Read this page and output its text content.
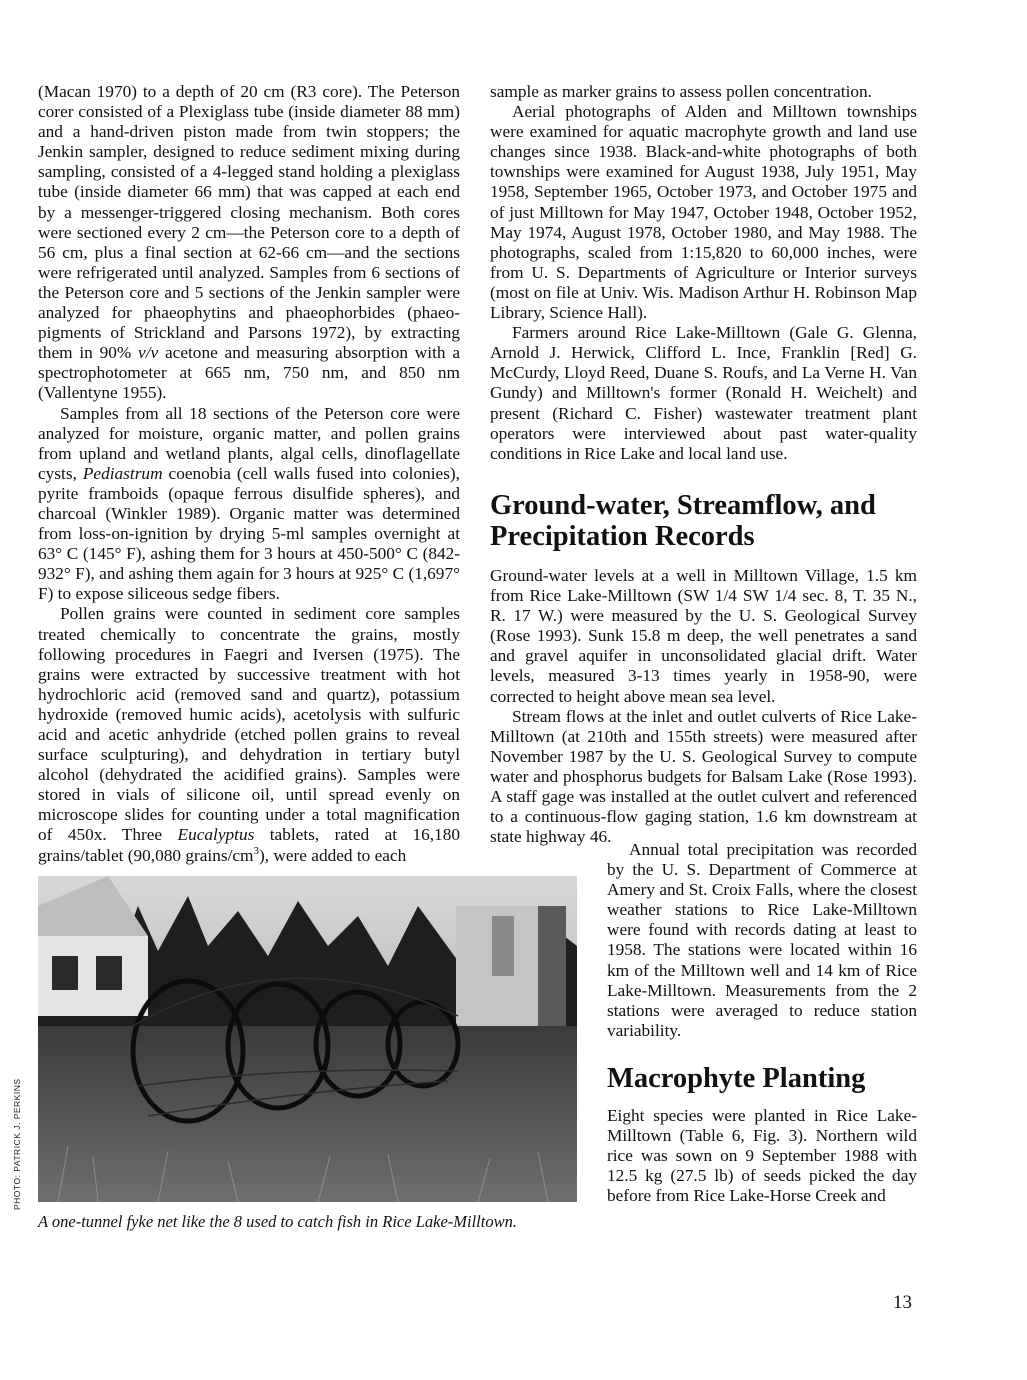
(Macan 1970) to a depth of 20 cm (R3 core). The Peterson corer consisted of a Plexiglass tube (inside diameter 88 mm) and a hand-driven piston made from twin stoppers; the Jenkin sampler, designed to reduce sediment mixing during sampling, consisted of a 4-legged stand holding a plexiglass tube (inside diameter 66 mm) that was capped at each end by a messenger-triggered closing mechanism. Both cores were sectioned every 2 cm—the Peterson core to a depth of 56 cm, plus a final section at 62-66 cm—and the sections were refrigerated until analyzed. Samples from 6 sections of the Peterson core and 5 sections of the Jenkin sampler were analyzed for phaeophytins and phaeophorbides (phaeo-pigments of Strickland and Parsons 1972), by extracting them in 90% v/v acetone and measuring absorption with a spectrophotometer at 665 nm, 750 nm, and 850 nm (Vallentyne 1955).

Samples from all 18 sections of the Peterson core were analyzed for moisture, organic matter, and pollen grains from upland and wetland plants, algal cells, dinoflagellate cysts, Pediastrum coenobia (cell walls fused into colonies), pyrite framboids (opaque ferrous disulfide spheres), and charcoal (Winkler 1989). Organic matter was determined from loss-on-ignition by drying 5-ml samples overnight at 63° C (145° F), ashing them for 3 hours at 450-500° C (842-932° F), and ashing them again for 3 hours at 925° C (1,697° F) to expose siliceous sedge fibers.

Pollen grains were counted in sediment core samples treated chemically to concentrate the grains, mostly following procedures in Faegri and Iversen (1975). The grains were extracted by successive treatment with hot hydrochloric acid (removed sand and quartz), potassium hydroxide (removed humic acids), acetolysis with sulfuric acid and acetic anhydride (etched pollen grains to reveal surface sculpturing), and dehydration in tertiary butyl alcohol (dehydrated the acidified grains). Samples were stored in vials of silicone oil, until spread evenly on microscope slides for counting under a total magnification of 450x. Three Eucalyptus tablets, rated at 16,180 grains/tablet (90,080 grains/$cm^3$), were added to each

sample as marker grains to assess pollen concentration.

Aerial photographs of Alden and Milltown townships were examined for aquatic macrophyte growth and land use changes since 1938. Black-and-white photographs of both townships were examined for August 1938, July 1951, May 1958, September 1965, October 1973, and October 1975 and of just Milltown for May 1947, October 1948, October 1952, May 1974, August 1978, October 1980, and May 1988. The photographs, scaled from 1:15,820 to 60,000 inches, were from U. S. Departments of Agriculture or Interior surveys (most on file at Univ. Wis. Madison Arthur H. Robinson Map Library, Science Hall).

Farmers around Rice Lake-Milltown (Gale G. Glenna, Arnold J. Herwick, Clifford L. Ince, Franklin [Red] G. McCurdy, Lloyd Reed, Duane S. Roufs, and La Verne H. Van Gundy) and Milltown's former (Ronald H. Weichelt) and present (Richard C. Fisher) wastewater treatment plant operators were interviewed about past water-quality conditions in Rice Lake and local land use.

Ground-water, Streamflow, and Precipitation Records

Ground-water levels at a well in Milltown Village, 1.5 km from Rice Lake-Milltown (SW 1/4 SW 1/4 sec. 8, T. 35 N., R. 17 W.) were measured by the U. S. Geological Survey (Rose 1993). Sunk 15.8 m deep, the well penetrates a sand and gravel aquifer in unconsolidated glacial drift. Water levels, measured 3-13 times yearly in 1958-90, were corrected to height above mean sea level.

Stream flows at the inlet and outlet culverts of Rice Lake-Milltown (at 210th and 155th streets) were measured after November 1987 by the U. S. Geological Survey to compute water and phosphorus budgets for Balsam Lake (Rose 1993). A staff gage was installed at the outlet culvert and referenced to a continuous-flow gaging station, 1.6 km downstream at state highway 46.

Annual total precipitation was recorded by the U. S. Department of Commerce at Amery and St. Croix Falls, where the closest weather stations to Rice Lake-Milltown were found with records dating at least to 1958. The stations were located within 16 km of the Milltown well and 14 km of Rice Lake-Milltown. Measurements from the 2 stations were averaged to reduce station variability.

Macrophyte Planting

Eight species were planted in Rice Lake-Milltown (Table 6, Fig. 3). Northern wild rice was sown on 9 September 1988 with 12.5 kg (27.5 lb) of seeds picked the day before from Rice Lake-Horse Creek and

PHOTO: PATRICK J. PERKINS
A one-tunnel fyke net like the 8 used to catch fish in Rice Lake-Milltown.
13
